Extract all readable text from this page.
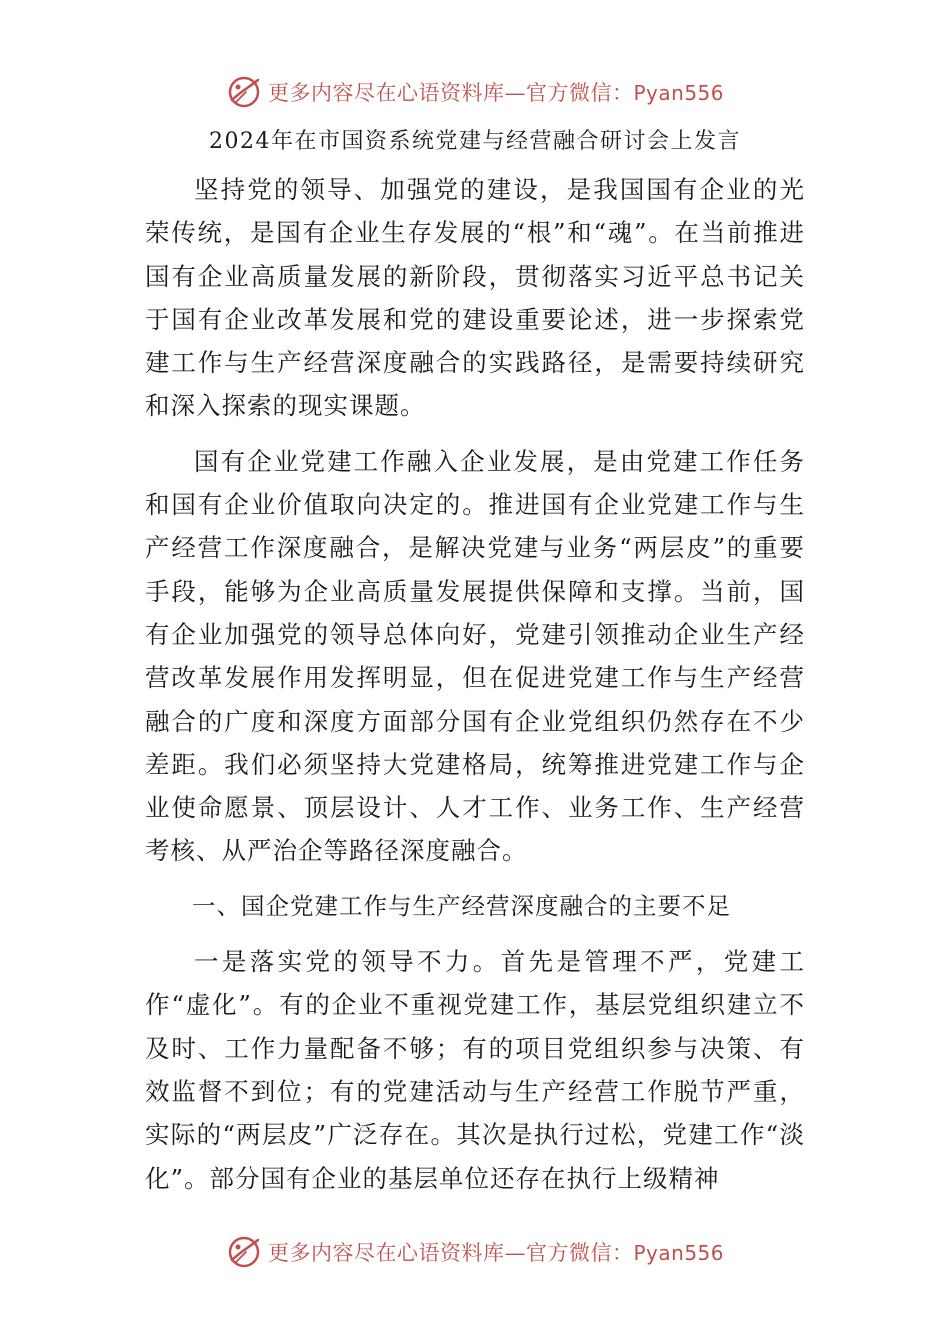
更多内容尽在心语资料库—官方微信：Pyan556
2024年在市国资系统党建与经营融合研讨会上发言

坚持党的领导、加强党的建设，是我国国有企业的光荣传统，是国有企业生存发展的“根”和“魂”。在当前推进国有企业高质量发展的新阶段，贯彻落实习近平总书记关于国有企业改革发展和党的建设重要论述，进一步探索党建工作与生产经营深度融合的实践路径，是需要持续研究和深入探索的现实课题。

国有企业党建工作融入企业发展，是由党建工作任务和国有企业价值取向决定的。推进国有企业党建工作与生产经营工作深度融合，是解决党建与业务“两层皮”的重要手段，能够为企业高质量发展提供保障和支撑。当前，国有企业加强党的领导总体向好，党建引领推动企业生产经营改革发展作用发挥明显，但在促进党建工作与生产经营融合的广度和深度方面部分国有企业党组织仍然存在不少差距。我们必须坚持大党建格局，统筹推进党建工作与企业使命愿景、顶层设计、人才工作、业务工作、生产经营考核、从严治企等路径深度融合。

一、国企党建工作与生产经营深度融合的主要不足

一是落实党的领导不力。首先是管理不严，党建工作“虚化”。有的企业不重视党建工作，基层党组织建立不及时、工作力量配备不够；有的项目党组织参与决策、有效监督不到位；有的党建活动与生产经营工作脱节严重，实际的“两层皮”广泛存在。其次是执行过松，党建工作“淡化”。部分国有企业的基层单位还存在执行上级精神

更多内容尽在心语资料库—官方微信：Pyan556
